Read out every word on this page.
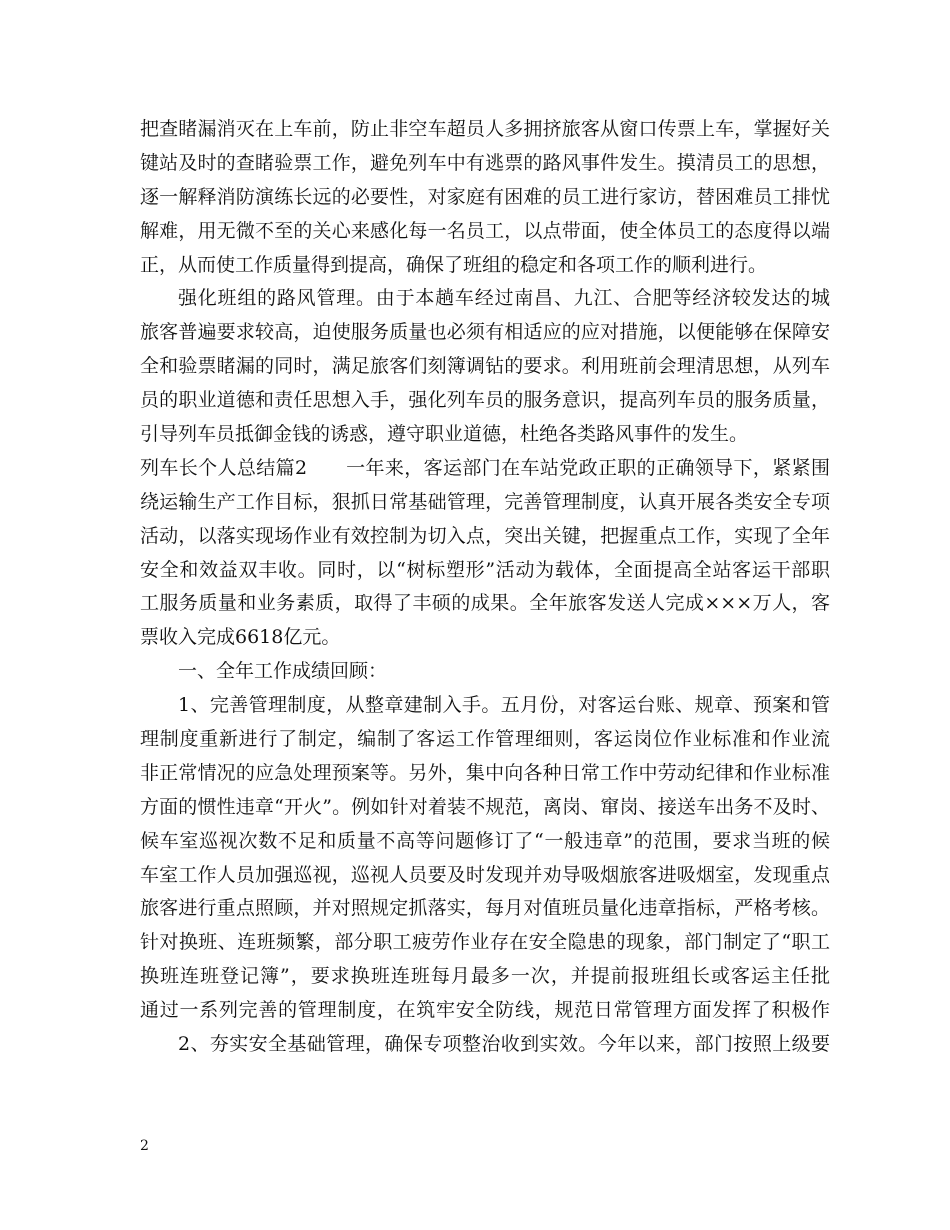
把查睹漏消灭在上车前，防止非空车超员人多拥挤旅客从窗口传票上车，掌握好关
键站及时的查睹验票工作，避免列车中有逃票的路风事件发生。摸清员工的思想，
逐一解释消防演练长远的必要性，对家庭有困难的员工进行家访，替困难员工排忧
解难，用无微不至的关心来感化每一名员工，以点带面，使全体员工的态度得以端
正，从而使工作质量得到提高，确保了班组的稳定和各项工作的顺利进行。
强化班组的路风管理。由于本趟车经过南昌、九江、合肥等经济较发达的城
旅客普遍要求较高，迫使服务质量也必须有相适应的应对措施，以便能够在保障安
全和验票睹漏的同时，满足旅客们刻簿调钻的要求。利用班前会理清思想，从列车
员的职业道德和责任思想入手，强化列车员的服务意识，提高列车员的服务质量，
引导列车员抵御金钱的诱惑，遵守职业道德，杜绝各类路风事件的发生。
列车长个人总结篇2　　一年来，客运部门在车站党政正职的正确领导下，紧紧围
绕运输生产工作目标，狠抓日常基础管理，完善管理制度，认真开展各类安全专项
活动，以落实现场作业有效控制为切入点，突出关键，把握重点工作，实现了全年
安全和效益双丰收。同时，以“树标塑形”活动为载体，全面提高全站客运干部职
工服务质量和业务素质，取得了丰硕的成果。全年旅客发送人完成×××万人，客
票收入完成6618亿元。
一、全年工作成绩回顾：
1、完善管理制度，从整章建制入手。五月份，对客运台账、规章、预案和管
理制度重新进行了制定，编制了客运工作管理细则，客运岗位作业标准和作业流
非正常情况的应急处理预案等。另外，集中向各种日常工作中劳动纪律和作业标准
方面的惯性违章“开火”。例如针对着装不规范，离岗、窜岗、接送车出务不及时、
候车室巡视次数不足和质量不高等问题修订了“一般违章”的范围，要求当班的候
车室工作人员加强巡视，巡视人员要及时发现并劝导吸烟旅客进吸烟室，发现重点
旅客进行重点照顾，并对照规定抓落实，每月对值班员量化违章指标，严格考核。
针对换班、连班频繁，部分职工疲劳作业存在安全隐患的现象，部门制定了“职工
换班连班登记簿”，要求换班连班每月最多一次，并提前报班组长或客运主任批
通过一系列完善的管理制度，在筑牢安全防线，规范日常管理方面发挥了积极作
2、夯实安全基础管理，确保专项整治收到实效。今年以来，部门按照上级要
2
